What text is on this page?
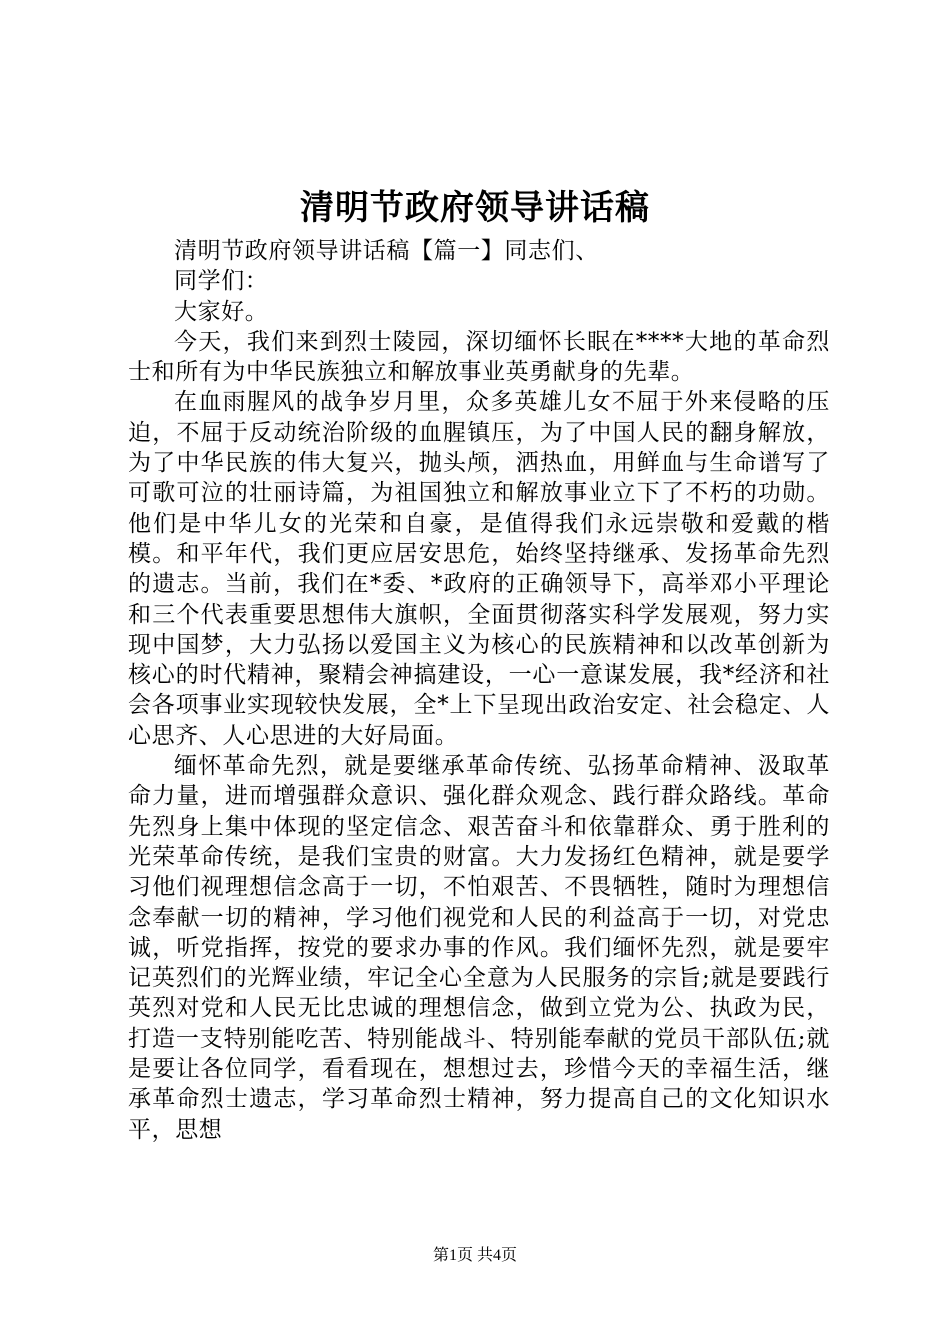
清明节政府领导讲话稿

清明节政府领导讲话稿【篇一】同志们、

同学们：

大家好。

今天，我们来到烈士陵园，深切缅怀长眠在****大地的革命烈士和所有为中华民族独立和解放事业英勇献身的先辈。

在血雨腥风的战争岁月里，众多英雄儿女不屈于外来侵略的压迫，不屈于反动统治阶级的血腥镇压，为了中国人民的翻身解放，为了中华民族的伟大复兴，抛头颅，洒热血，用鲜血与生命谱写了可歌可泣的壮丽诗篇，为祖国独立和解放事业立下了不朽的功勋。他们是中华儿女的光荣和自豪，是值得我们永远崇敬和爱戴的楷模。和平年代，我们更应居安思危，始终坚持继承、发扬革命先烈的遗志。当前，我们在*委、*政府的正确领导下，高举邓小平理论和三个代表重要思想伟大旗帜，全面贯彻落实科学发展观，努力实现中国梦，大力弘扬以爱国主义为核心的民族精神和以改革创新为核心的时代精神，聚精会神搞建设，一心一意谋发展，我*经济和社会各项事业实现较快发展，全*上下呈现出政治安定、社会稳定、人心思齐、人心思进的大好局面。

缅怀革命先烈，就是要继承革命传统、弘扬革命精神、汲取革命力量，进而增强群众意识、强化群众观念、践行群众路线。革命先烈身上集中体现的坚定信念、艰苦奋斗和依靠群众、勇于胜利的光荣革命传统，是我们宝贵的财富。大力发扬红色精神，就是要学习他们视理想信念高于一切，不怕艰苦、不畏牺牲，随时为理想信念奉献一切的精神，学习他们视党和人民的利益高于一切，对党忠诚，听党指挥，按党的要求办事的作风。我们缅怀先烈，就是要牢记英烈们的光辉业绩，牢记全心全意为人民服务的宗旨;就是要践行英烈对党和人民无比忠诚的理想信念，做到立党为公、执政为民，打造一支特别能吃苦、特别能战斗、特别能奉献的党员干部队伍;就是要让各位同学，看看现在，想想过去，珍惜今天的幸福生活，继承革命烈士遗志，学习革命烈士精神，努力提高自己的文化知识水平，思想

第1页 共4页
